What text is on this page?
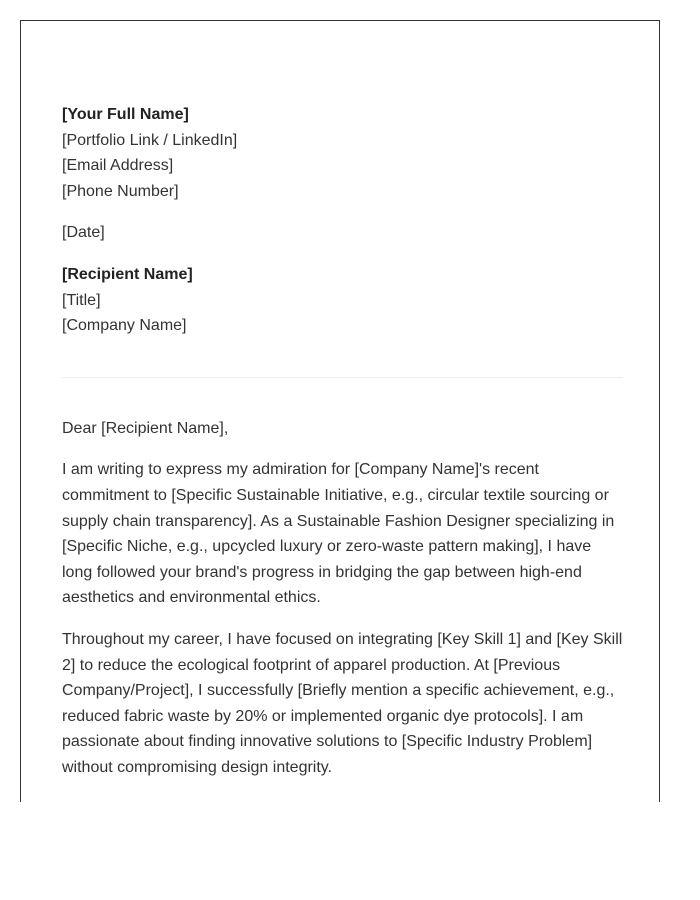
[Your Full Name]
[Portfolio Link / LinkedIn]
[Email Address]
[Phone Number]
[Date]
[Recipient Name]
[Title]
[Company Name]
Dear [Recipient Name],
I am writing to express my admiration for [Company Name]'s recent commitment to [Specific Sustainable Initiative, e.g., circular textile sourcing or supply chain transparency]. As a Sustainable Fashion Designer specializing in [Specific Niche, e.g., upcycled luxury or zero-waste pattern making], I have long followed your brand's progress in bridging the gap between high-end aesthetics and environmental ethics.
Throughout my career, I have focused on integrating [Key Skill 1] and [Key Skill 2] to reduce the ecological footprint of apparel production. At [Previous Company/Project], I successfully [Briefly mention a specific achievement, e.g., reduced fabric waste by 20% or implemented organic dye protocols]. I am passionate about finding innovative solutions to [Specific Industry Problem] without compromising design integrity.
